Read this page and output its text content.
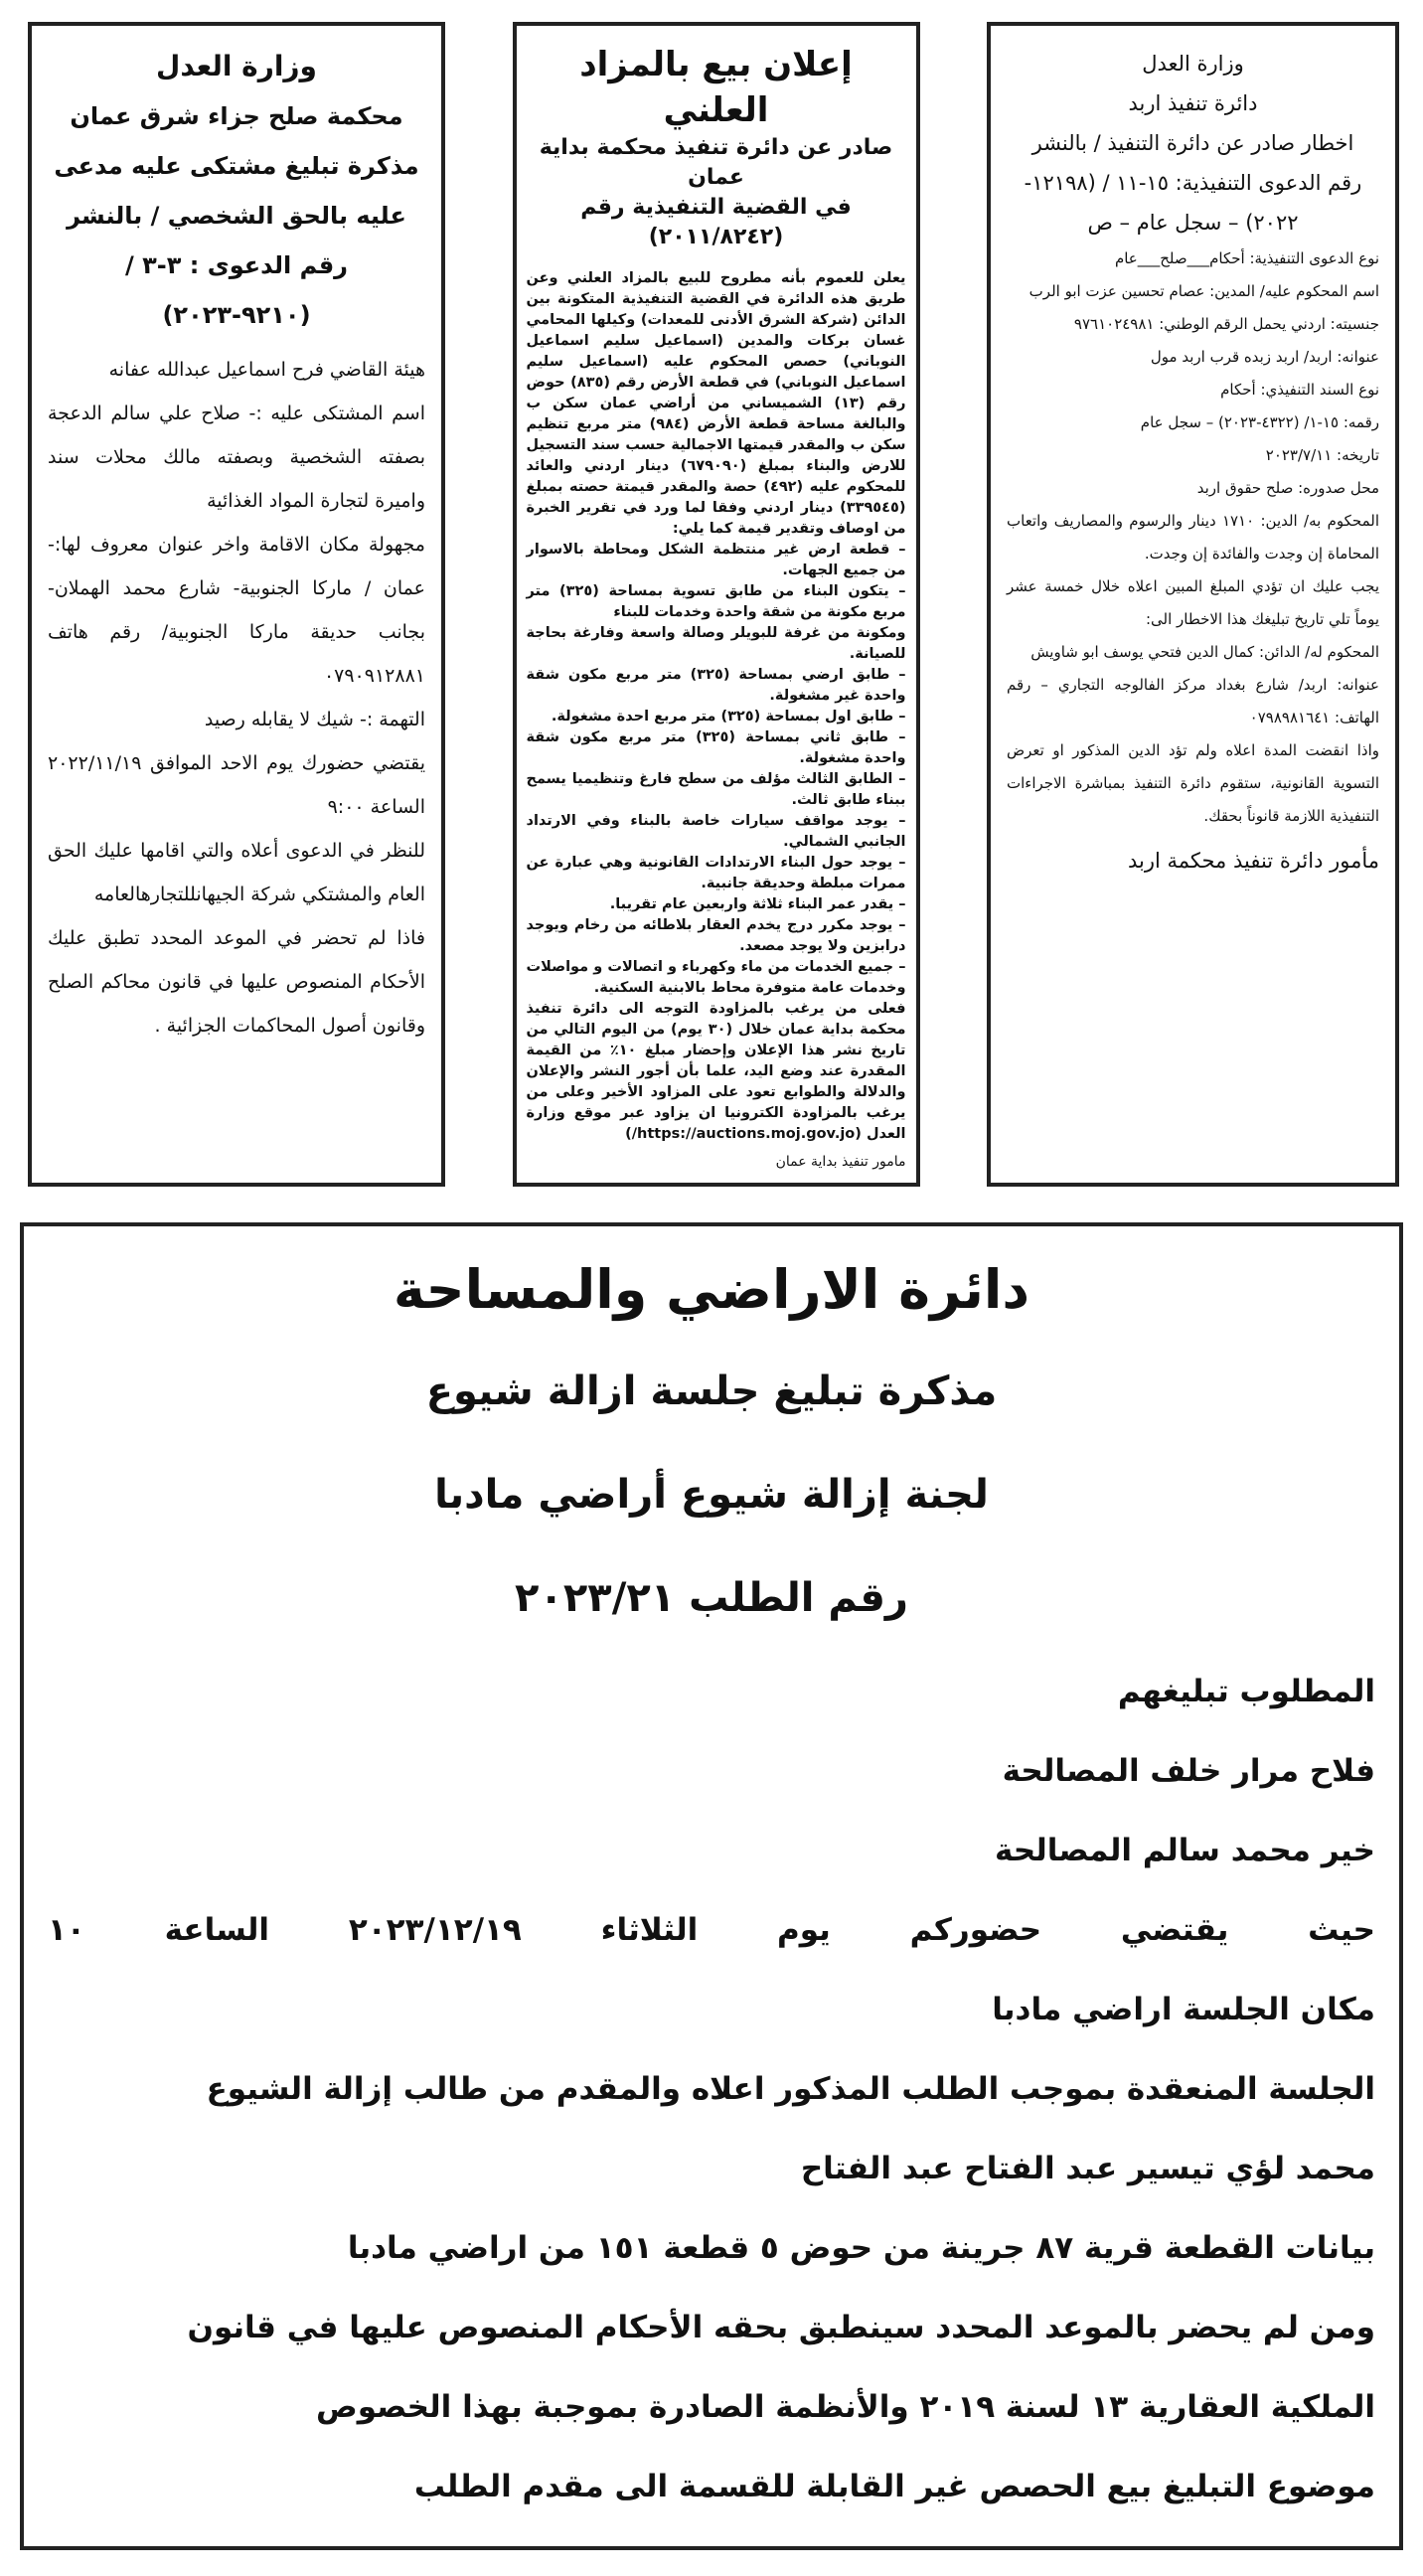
وزارة العدل
دائرة تنفيذ اربد
اخطار صادر عن دائرة التنفيذ / بالنشر
رقم الدعوى التنفيذية: ١٥-١١ / (١٢١٩٨-
٢٠٢٢) – سجل عام – ص
نوع الدعوى التنفيذية: أحكام___صلح___عام
اسم المحكوم عليه/ المدين: عصام تحسين عزت ابو الرب
جنسيته: اردني يحمل الرقم الوطني: ٩٧٦١٠٢٤٩٨١
عنوانه: اربد/ اربد زبده قرب اربد مول
نوع السند التنفيذي: أحكام
رقمه: ١٥-١/ (٤٣٢٢-٢٠٢٣) – سجل عام
تاريخه: ٢٠٢٣/٧/١١
محل صدوره: صلح حقوق اربد
المحكوم به/ الدين: ١٧١٠ دينار والرسوم والمصاريف واتعاب المحاماة إن وجدت والفائدة إن وجدت.
يجب عليك ان تؤدي المبلغ المبين اعلاه خلال خمسة عشر يوماً تلي تاريخ تبليغك هذا الاخطار الى:
المحكوم له/ الدائن: كمال الدين فتحي يوسف ابو شاويش
عنوانه: اربد/ شارع بغداد مركز الفالوجه التجاري – رقم الهاتف: ٠٧٩٨٩٨١٦٤١
واذا انقضت المدة اعلاه ولم تؤد الدين المذكور او تعرض التسوية القانونية، ستقوم دائرة التنفيذ بمباشرة الاجراءات التنفيذية اللازمة قانوناً بحقك.
مأمور دائرة تنفيذ محكمة اربد
إعلان بيع بالمزاد العلني
صادر عن دائرة تنفيذ محكمة بداية عمان
في القضية التنفيذية رقم (٢٠١١/٨٢٤٢)

يعلن للعموم بأنه مطروح للبيع بالمزاد العلني وعن طريق هذه الدائرة في القضية التنفيذية المتكونة بين الدائن (شركة الشرق الأدنى للمعدات) وكيلها المحامي غسان بركات والمدين (اسماعيل سليم اسماعيل النوباني) حصص المحكوم عليه (اسماعيل سليم اسماعيل النوباني) في قطعة الأرض رقم (٨٣٥) حوض رقم (١٣) الشميساني من أراضي عمان سكن ب والبالغة مساحة قطعة الأرض (٩٨٤) متر مربع تنظيم سكن ب والمقدر قيمتها الاجمالية حسب سند التسجيل للارض والبناء بمبلغ (٦٧٩٠٩٠) دينار اردني والعائد للمحكوم عليه (٤٩٢) حصة والمقدر قيمتة حصته بمبلغ (٣٣٩٥٤٥) دينار اردني وفقا لما ورد في تقرير الخبرة من اوصاف وتقدير قيمة كما يلي:

– قطعة ارض غير منتظمة الشكل ومحاطة بالاسوار من جميع الجهات.

– يتكون البناء من طابق تسوية بمساحة (٣٢٥) متر مربع مكونة من شقة واحدة وخدمات للبناء

ومكونة من غرفة للبويلر وصالة واسعة وفارغة بحاجة للصيانة.

– طابق ارضي بمساحة (٣٢٥) متر مربع مكون شقة واحدة غير مشغولة.

– طابق اول بمساحة (٣٢٥) متر مربع احدة مشغولة.

– طابق ثاني بمساحة (٣٢٥) متر مربع مكون شقة واحدة مشغولة.

– الطابق الثالث مؤلف من سطح فارغ وتنظيميا يسمح ببناء طابق ثالث.

– يوجد مواقف سيارات خاصة بالبناء وفي الارتداد الجانبي الشمالي.

– يوجد حول البناء الارتدادات القانونية وهي عبارة عن ممرات مبلطة وحديقة جانبية.

– يقدر عمر البناء ثلاثة واربعين عام تقريبا.

– يوجد مكرر درج يخدم العقار بلاطائه من رخام ويوجد درابزين ولا يوجد مصعد.

– جميع الخدمات من ماء وكهرباء و اتصالات و مواصلات وخدمات عامة متوفرة محاط بالابنية السكنية.

فعلى من يرغب بالمزاودة التوجه الى دائرة تنفيذ محكمة بداية عمان خلال (٣٠ يوم) من اليوم التالي من تاريخ نشر هذا الإعلان وإحضار مبلغ ١٠٪ من القيمة المقدرة عند وضع اليد، علما بأن أجور النشر والإعلان والدلالة والطوابع تعود على المزاود الأخير وعلى من يرغب بالمزاودة الكترونيا ان يزاود عبر موقع وزارة العدل (https://auctions.moj.gov.jo/)

مامور تنفيذ بداية عمان
وزارة العدل
محكمة صلح جزاء شرق عمان
مذكرة تبليغ مشتكى عليه مدعى
عليه بالحق الشخصي / بالنشر
رقم الدعوى : ٣-٣ / (٩٢١٠-٢٠٢٣)

هيئة القاضي فرح اسماعيل عبدالله عفانه

اسم المشتكى عليه :- صلاح علي سالم الدعجة بصفته الشخصية وبصفته مالك محلات سند واميرة لتجارة المواد الغذائية

مجهولة مكان الاقامة واخر عنوان معروف لها:- عمان / ماركا الجنوبية- شارع محمد الهملان- بجانب حديقة ماركا الجنوبية/ رقم هاتف ٠٧٩٠٩١٢٨٨١

التهمة :- شيك لا يقابله رصيد

يقتضي حضورك يوم الاحد الموافق ٢٠٢٢/١١/١٩ الساعة ٩:٠٠

للنظر في الدعوى أعلاه والتي اقامها عليك الحق العام والمشتكي شركة الجيهانللتجارهالعامه

فاذا لم تحضر في الموعد المحدد تطبق عليك الأحكام المنصوص عليها في قانون محاكم الصلح وقانون أصول المحاكمات الجزائية .

دائرة الاراضي والمساحة
مذكرة تبليغ جلسة ازالة شيوع
لجنة إزالة شيوع أراضي مادبا
رقم الطلب ٢٠٢٣/٢١
المطلوب تبليغهم
فلاح مرار خلف المصالحة
خير محمد سالم المصالحة
حيث يقتضي حضوركم يوم الثلاثاء ٢٠٢٣/١٢/١٩ الساعة ١٠
مكان الجلسة اراضي مادبا
الجلسة المنعقدة بموجب الطلب المذكور اعلاه والمقدم من طالب إزالة الشيوع
محمد لؤي تيسير عبد الفتاح عبد الفتاح
بيانات القطعة قرية ٨٧ جرينة من حوض ٥ قطعة ١٥١ من اراضي مادبا
ومن لم يحضر بالموعد المحدد سينطبق بحقه الأحكام المنصوص عليها في قانون
الملكية العقارية ١٣ لسنة ٢٠١٩ والأنظمة الصادرة بموجبة بهذا الخصوص
موضوع التبليغ بيع الحصص غير القابلة للقسمة الى مقدم الطلب
